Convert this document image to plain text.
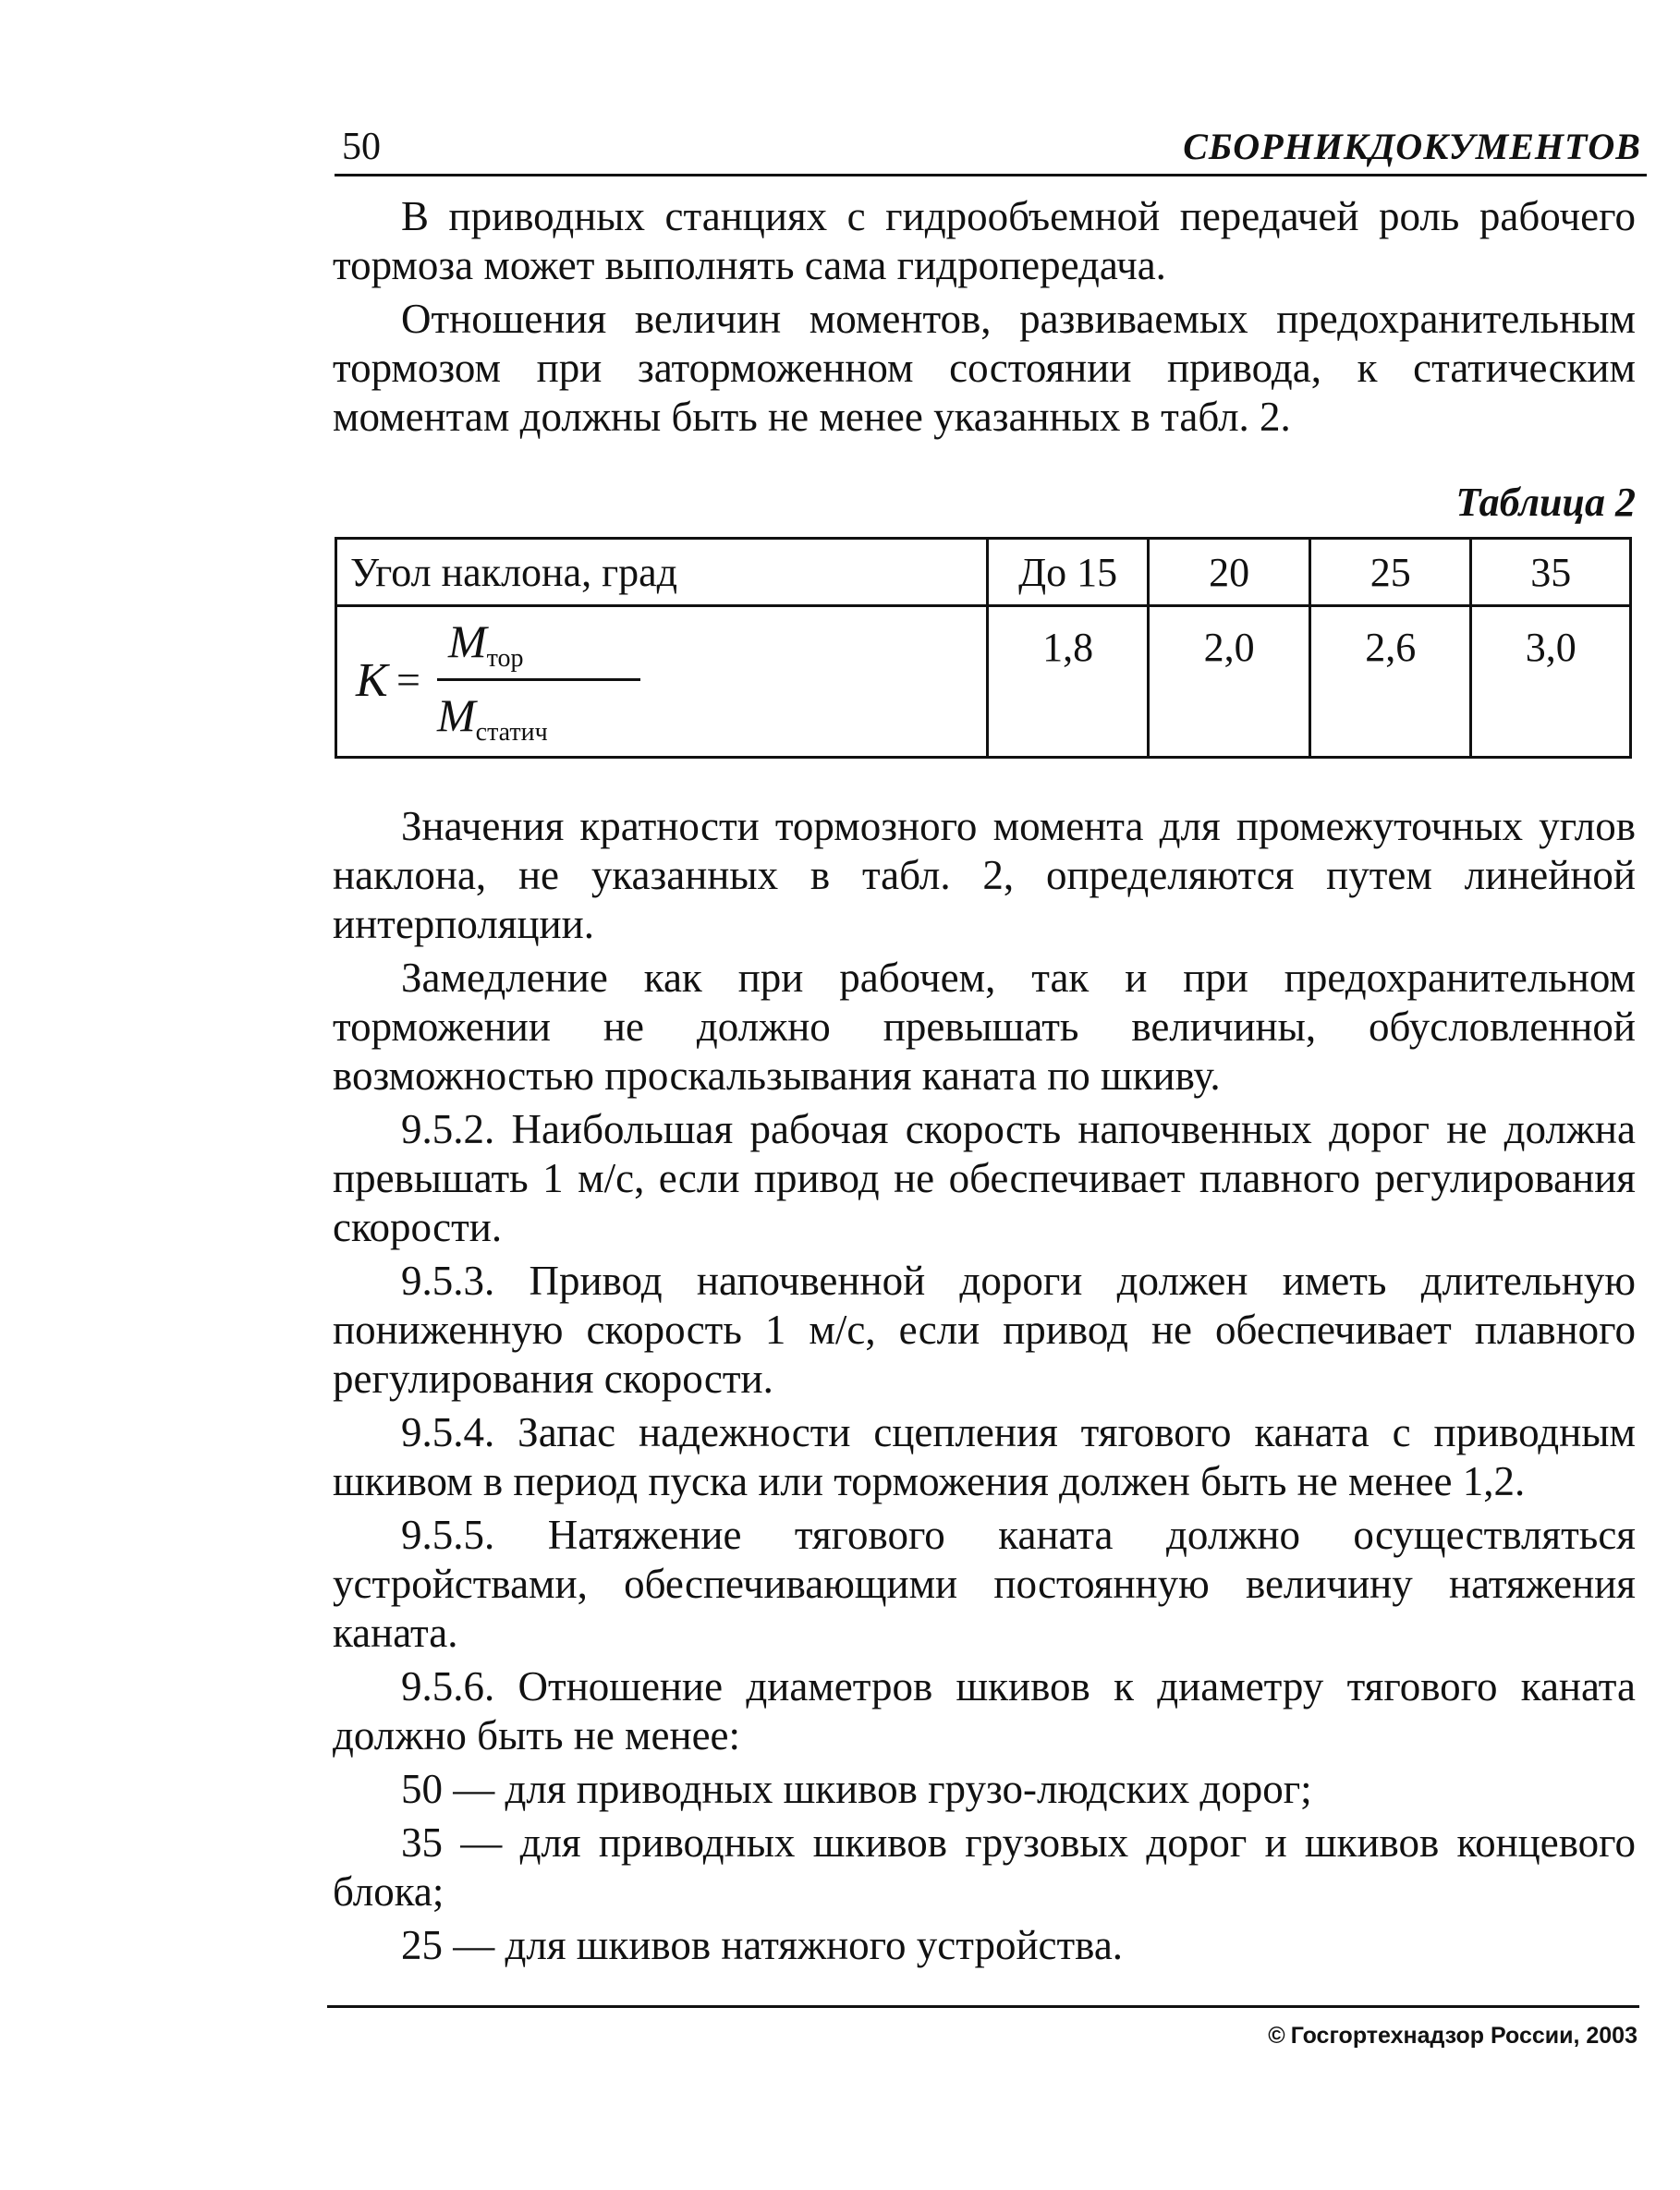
50	СБОРНИКДОКУМЕНТОВ

В приводных станциях с гидрообъемной передачей роль рабочего тормоза может выполнять сама гидропередача.

Отношения величин моментов, развиваемых предохранительным тормозом при заторможенном состоянии привода, к статическим моментам должны быть не менее указанных в табл. 2.

Таблица 2
Угол наклона, град	До 15	20	25	35

K =
$M_{тор}$
$M_{статич}$	1,8	2,0	2,6	3,0

Значения кратности тормозного момента для промежуточных углов наклона, не указанных в табл. 2, определяются путем линейной интерполяции.

Замедление как при рабочем, так и при предохранительном торможении не должно превышать величины, обусловленной возможностью проскальзывания каната по шкиву.

9.5.2. Наибольшая рабочая скорость напочвенных дорог не должна превышать 1 м/с, если привод не обеспечивает плавного регулирования скорости.

9.5.3. Привод напочвенной дороги должен иметь длительную пониженную скорость 1 м/с, если привод не обеспечивает плавного регулирования скорости.

9.5.4. Запас надежности сцепления тягового каната с приводным шкивом в период пуска или торможения должен быть не менее 1,2.

9.5.5. Натяжение тягового каната должно осуществляться устройствами, обеспечивающими постоянную величину натяжения каната.

9.5.6. Отношение диаметров шкивов к диаметру тягового каната должно быть не менее:

50 — для приводных шкивов грузо-людских дорог;

35 — для приводных шкивов грузовых дорог и шкивов концевого блока;

25 — для шкивов натяжного устройства.

© Госгортехнадзор России, 2003
